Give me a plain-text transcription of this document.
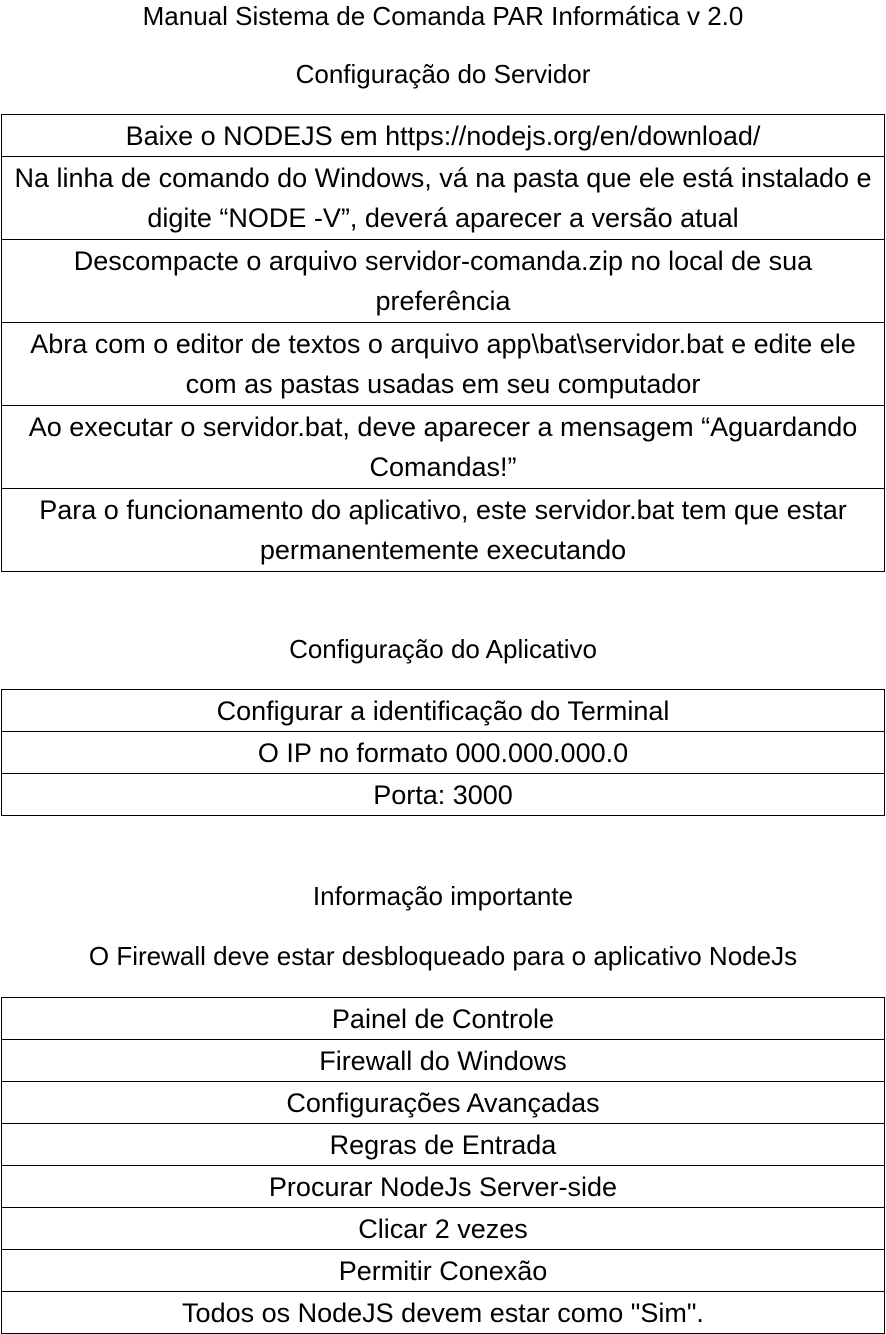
Manual Sistema de Comanda PAR Informática v 2.0
Configuração do Servidor
Baixe o NODEJS em https://nodejs.org/en/download/
Na linha de comando do Windows, vá na pasta que ele está instalado e digite “NODE -V”, deverá aparecer a versão atual
Descompacte o arquivo servidor-comanda.zip no local de sua preferência
Abra com o editor de textos o arquivo app\bat\servidor.bat e edite ele com as pastas usadas em seu computador
Ao executar o servidor.bat, deve aparecer a mensagem “Aguardando Comandas!”
Para o funcionamento do aplicativo, este servidor.bat tem que estar permanentemente executando
Configuração do Aplicativo
Configurar a identificação do Terminal
O IP no formato 000.000.000.0
Porta: 3000
Informação importante
O Firewall deve estar desbloqueado para o aplicativo NodeJs
Painel de Controle
Firewall do Windows
Configurações Avançadas
Regras de Entrada
Procurar NodeJs Server-side
Clicar 2 vezes
Permitir Conexão
Todos os NodeJS devem estar como "Sim".
